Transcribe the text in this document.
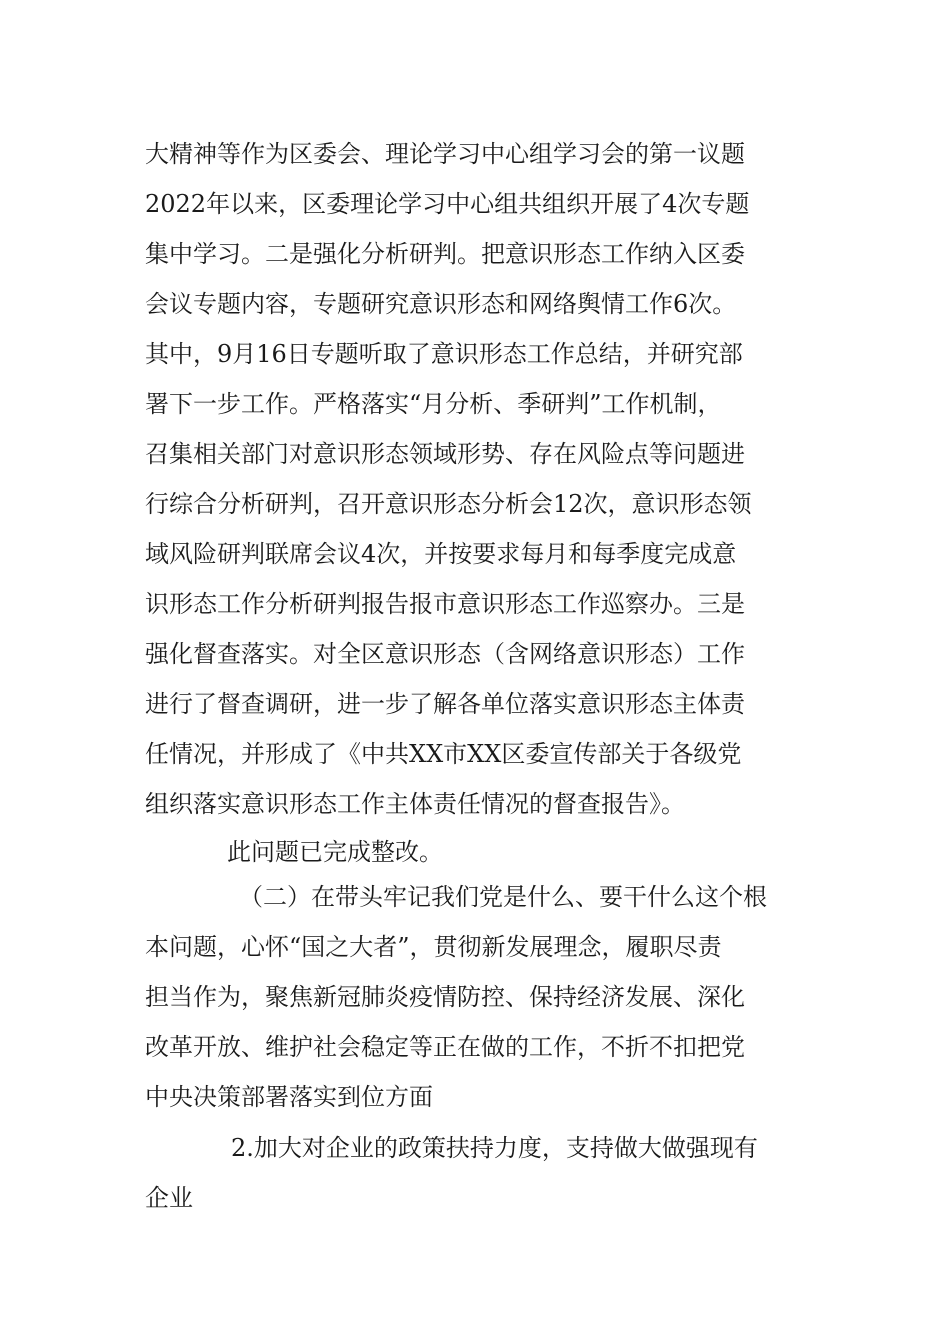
大精神等作为区委会、理论学习中心组学习会的第一议题
2022年以来，区委理论学习中心组共组织开展了4次专题
集中学习。二是强化分析研判。把意识形态工作纳入区委
会议专题内容，专题研究意识形态和网络舆情工作6次。
其中，9月16日专题听取了意识形态工作总结，并研究部
署下一步工作。严格落实“月分析、季研判”工作机制，
召集相关部门对意识形态领域形势、存在风险点等问题进
行综合分析研判，召开意识形态分析会12次，意识形态领
域风险研判联席会议4次，并按要求每月和每季度完成意
识形态工作分析研判报告报市意识形态工作巡察办。三是
强化督查落实。对全区意识形态（含网络意识形态）工作
进行了督查调研，进一步了解各单位落实意识形态主体责
任情况，并形成了《中共XX市XX区委宣传部关于各级党
组织落实意识形态工作主体责任情况的督查报告》。
此问题已完成整改。
（二）在带头牢记我们党是什么、要干什么这个根
本问题，心怀“国之大者”，贯彻新发展理念，履职尽责
担当作为，聚焦新冠肺炎疫情防控、保持经济发展、深化
改革开放、维护社会稳定等正在做的工作，不折不扣把党
中央决策部署落实到位方面
2.加大对企业的政策扶持力度，支持做大做强现有
企业
